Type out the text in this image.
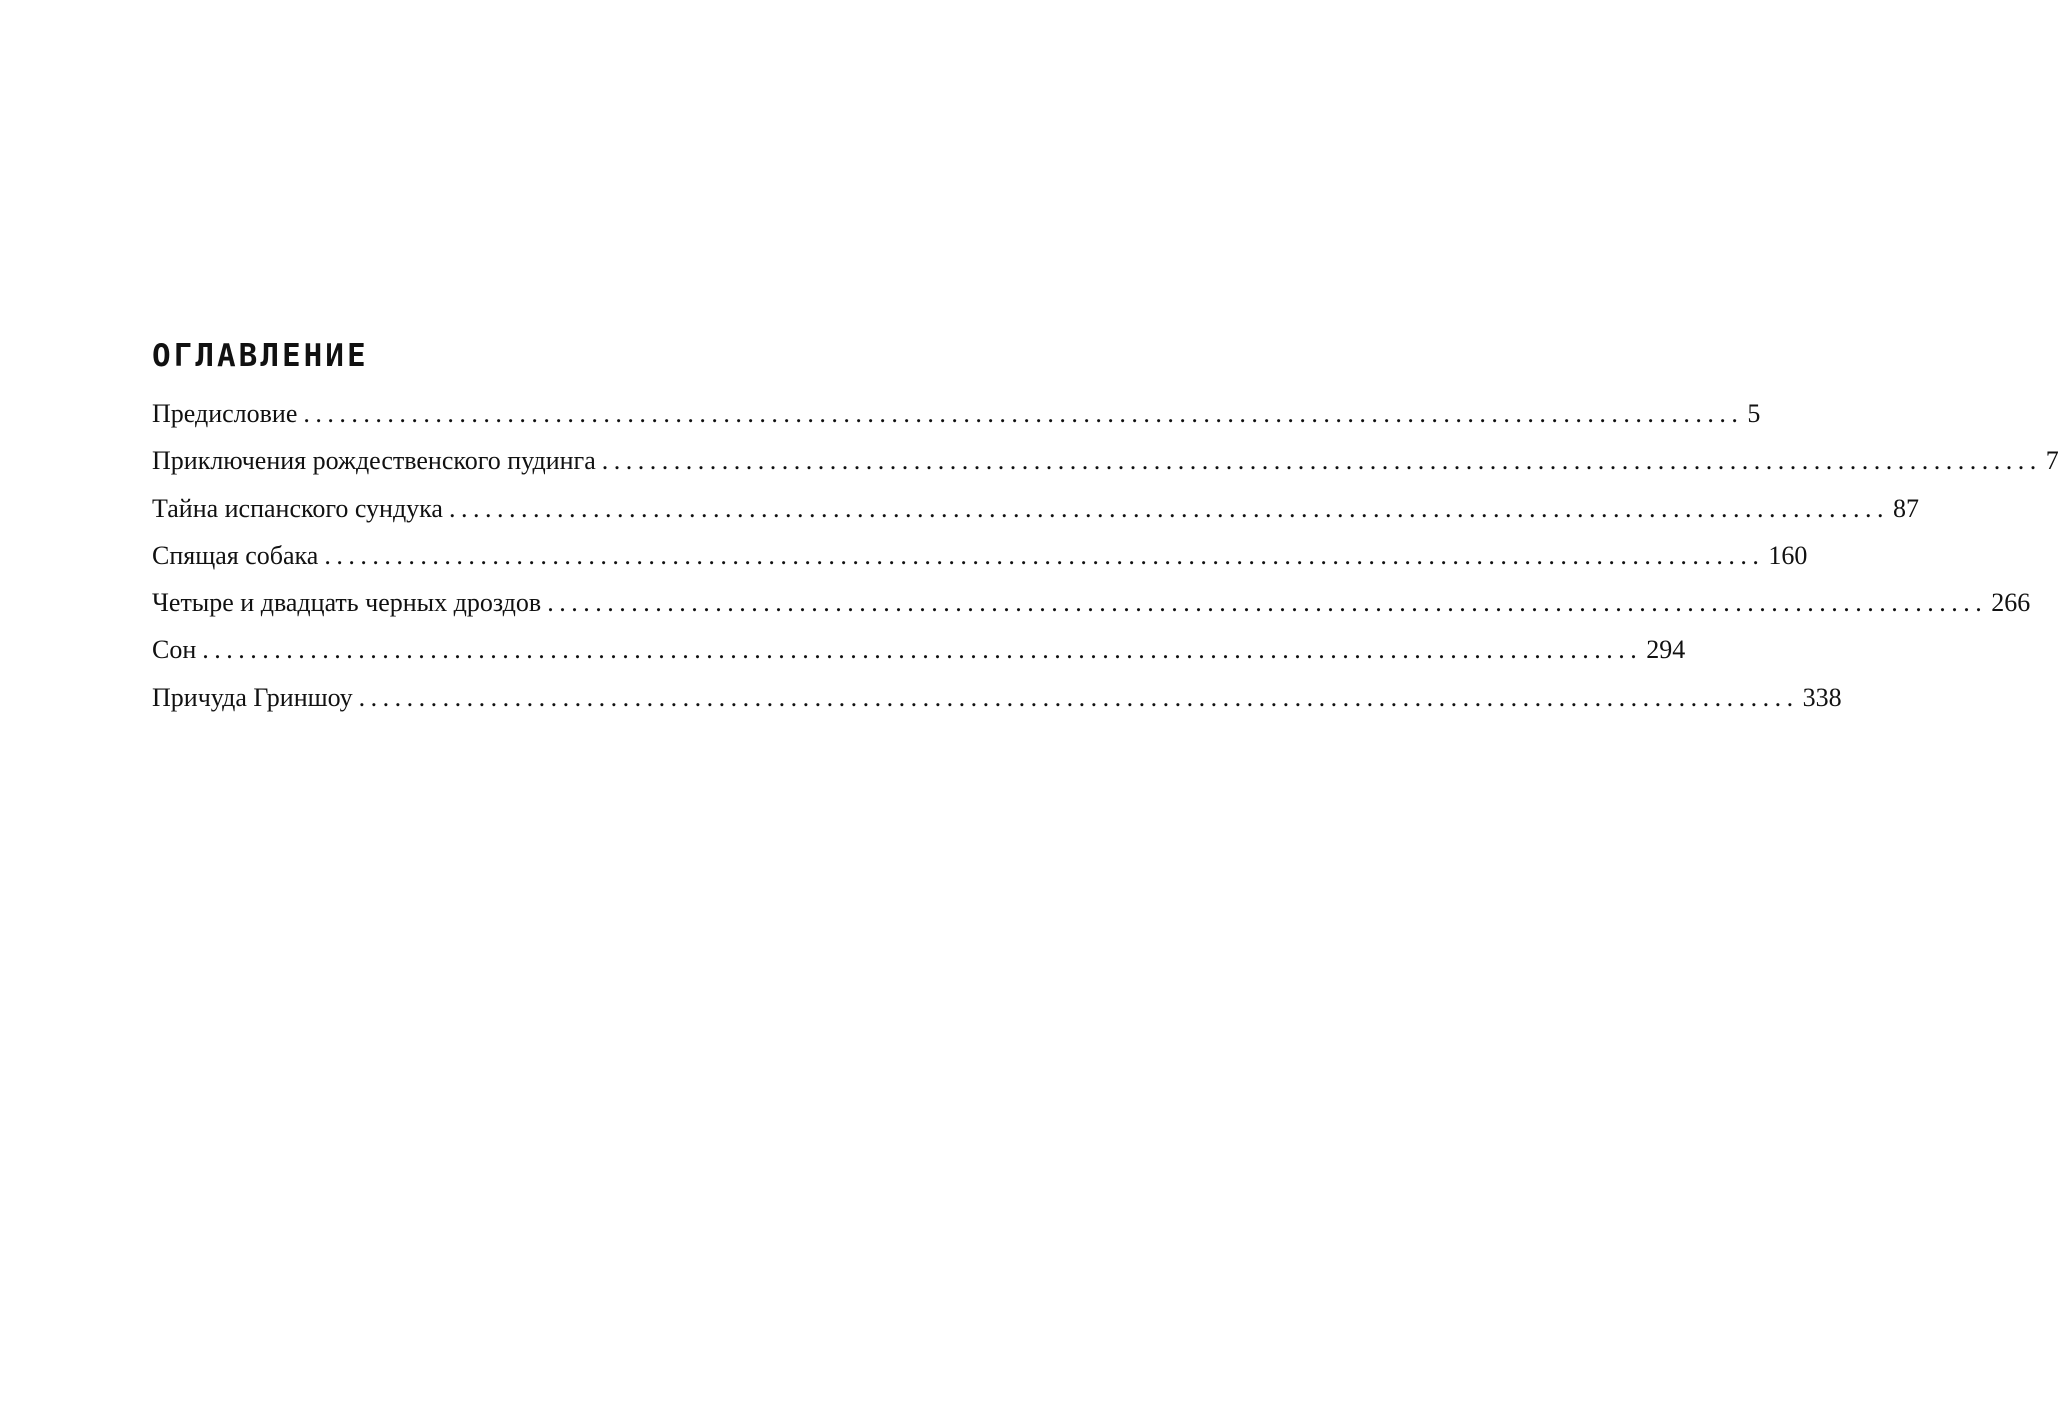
ОГЛАВЛЕНИЕ
Предисловие ........................................................................................................................ 5
Приключения рождественского пудинга ........................................................................................................................ 7
Тайна испанского сундука ........................................................................................................................ 87
Спящая собака ........................................................................................................................ 160
Четыре и двадцать черных дроздов ........................................................................................................................ 266
Сон ........................................................................................................................ 294
Причуда Гриншоу ........................................................................................................................ 338
